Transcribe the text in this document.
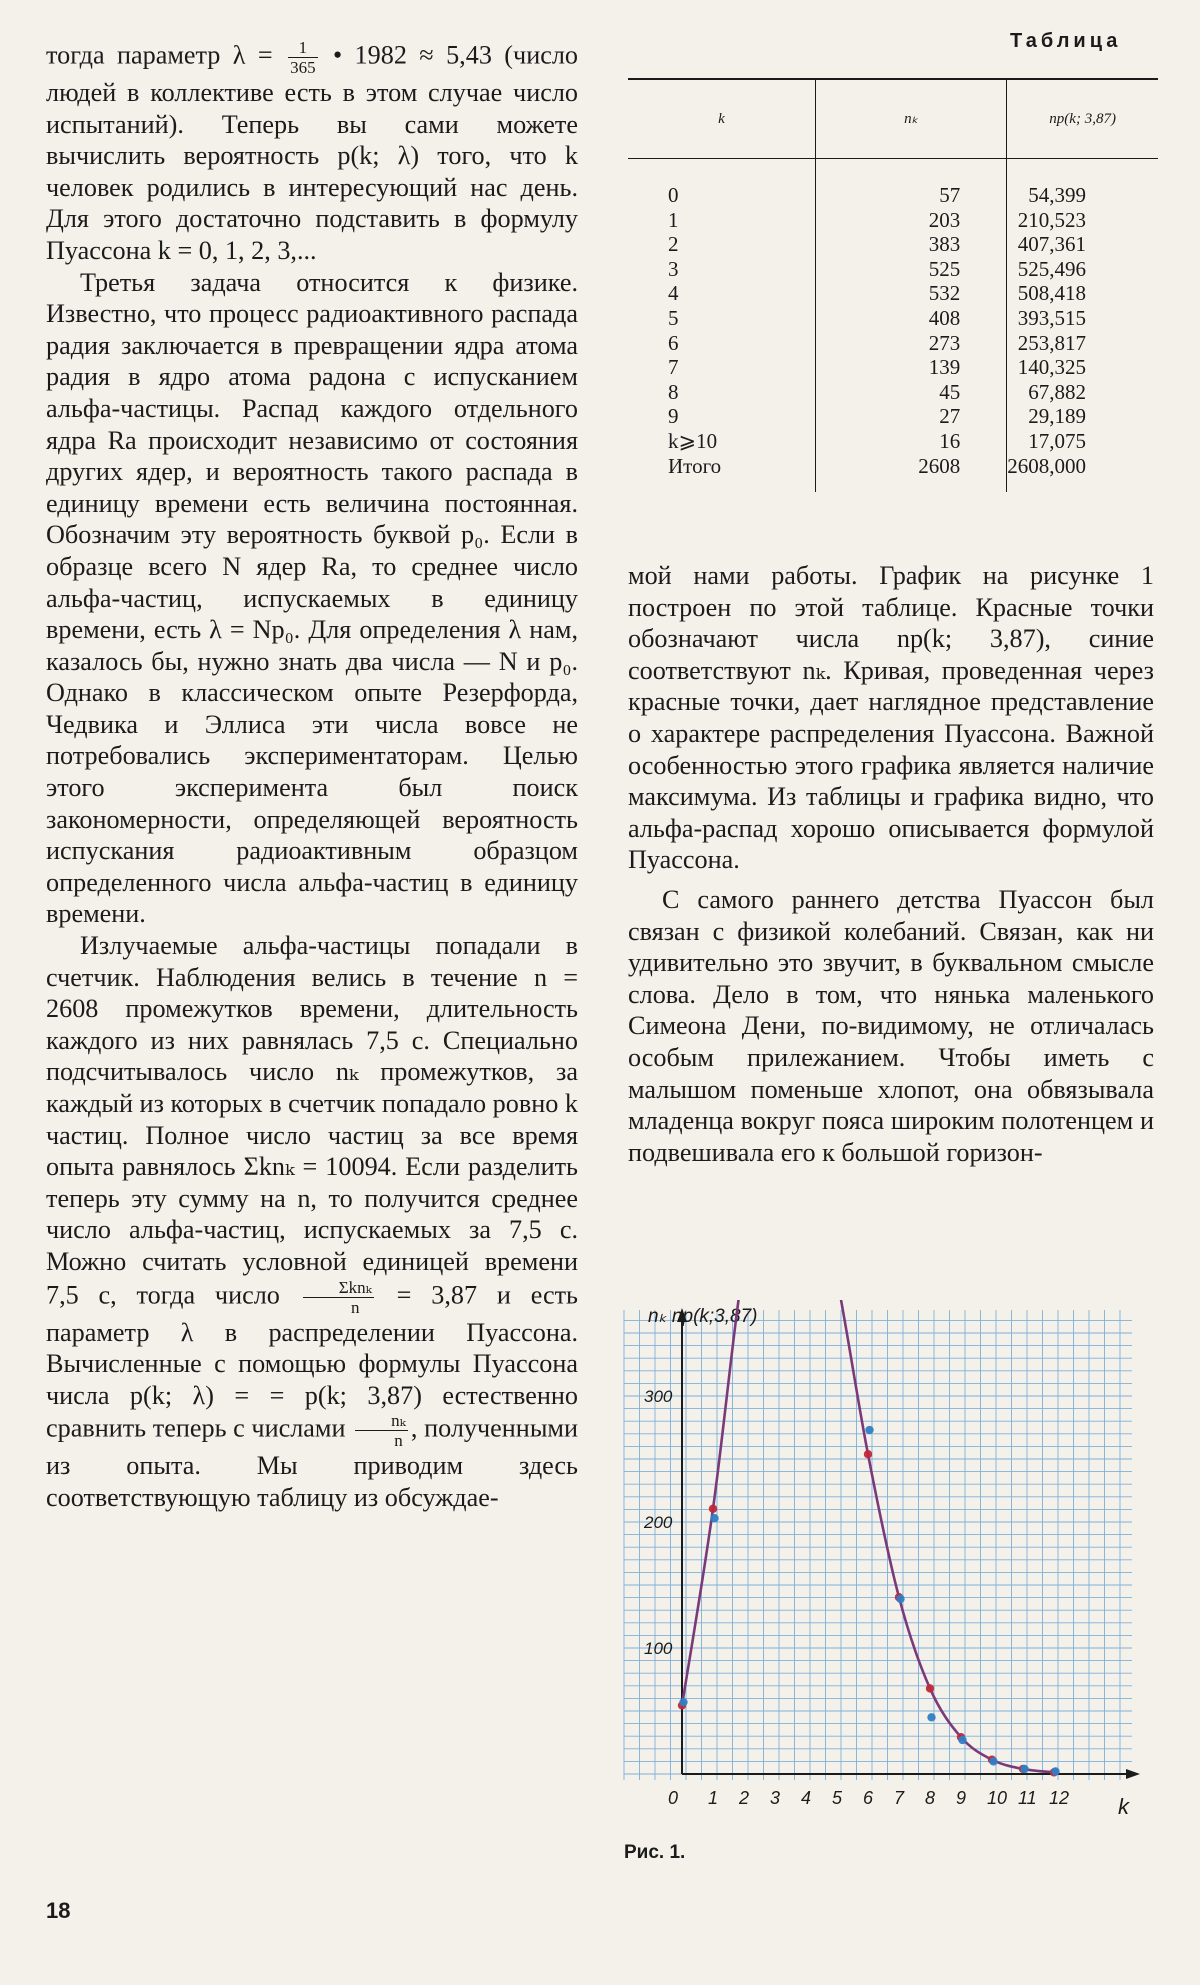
тогда параметр $\lambda = \frac{1}{365}$ • 1982 ≈ 5,43 (число людей в коллективе есть в этом случае число испытаний). Теперь вы сами можете вычислить вероятность p(k; λ) того, что k человек родились в интересующий нас день. Для этого достаточно подставить в формулу Пуассона k = 0, 1, 2, 3,...

Третья задача относится к физике. Известно, что процесс радиоактивного распада радия заключается в превращении ядра атома радия в ядро атома радона с испусканием альфа-частицы. Распад каждого отдельного ядра Ra происходит независимо от состояния других ядер, и вероятность такого распада в единицу времени есть величина постоянная. Обозначим эту вероятность буквой p₀. Если в образце всего N ядер Ra, то среднее число альфа-частиц, испускаемых в единицу времени, есть λ = Np₀. Для определения λ нам, казалось бы, нужно знать два числа — N и p₀. Однако в классическом опыте Резерфорда, Чедвика и Эллиса эти числа вовсе не потребовались экспериментаторам. Целью этого эксперимента был поиск закономерности, определяющей вероятность испускания радиоактивным образцом определенного числа альфа-частиц в единицу времени.

Излучаемые альфа-частицы попадали в счетчик. Наблюдения велись в течение n = 2608 промежутков времени, длительность каждого из них равнялась 7,5 с. Специально подсчитывалось число nₖ промежутков, за каждый из которых в счетчик попадало ровно k частиц. Полное число частиц за все время опыта равнялось Σknₖ = 10094. Если разделить теперь эту сумму на n, то получится среднее число альфа-частиц, испускаемых за 7,5 с. Можно считать условной единицей времени 7,5 с, тогда число $\frac{\text{Σknₖ}}{n} = 3,87$ и есть параметр λ в распределении Пуассона. Вычисленные с помощью формулы Пуассона числа p(k; λ) = = p(k; 3,87) естественно сравнить теперь с числами $\frac{\text{nₖ}}{n}$ , полученными из опыта. Мы приводим здесь соответствующую таблицу из обсуждае-

Таблица
k	nₖ	np(k; 3,87)

0	57	54,399
1	203	210,523
2	383	407,361
3	525	525,496
4	532	508,418
5	408	393,515
6	273	253,817
7	139	140,325
8	45	67,882
9	27	29,189
k⩾10	16	17,075
Итого	2608	2608,000

мой нами работы. График на рисунке 1 построен по этой таблице. Красные точки обозначают числа np(k; 3,87), синие соответствуют nₖ. Кривая, проведенная через красные точки, дает наглядное представление о характере распределения Пуассона. Важной особенностью этого графика является наличие максимума. Из таблицы и графика видно, что альфа-распад хорошо описывается формулой Пуассона.

С самого раннего детства Пуассон был связан с физикой колебаний. Связан, как ни удивительно это звучит, в буквальном смысле слова. Дело в том, что нянька маленького Симеона Дени, по-видимому, не отличалась особым прилежанием. Чтобы иметь с малышом поменьше хлопот, она обвязывала младенца вокруг пояса широким полотенцем и подвешивала его к большой горизон-

nₖ np(k;3,87)
k
0 1 2 3 4 5 6 7 8 9 10 11 12
100
200
300
Рис. 1.
18
